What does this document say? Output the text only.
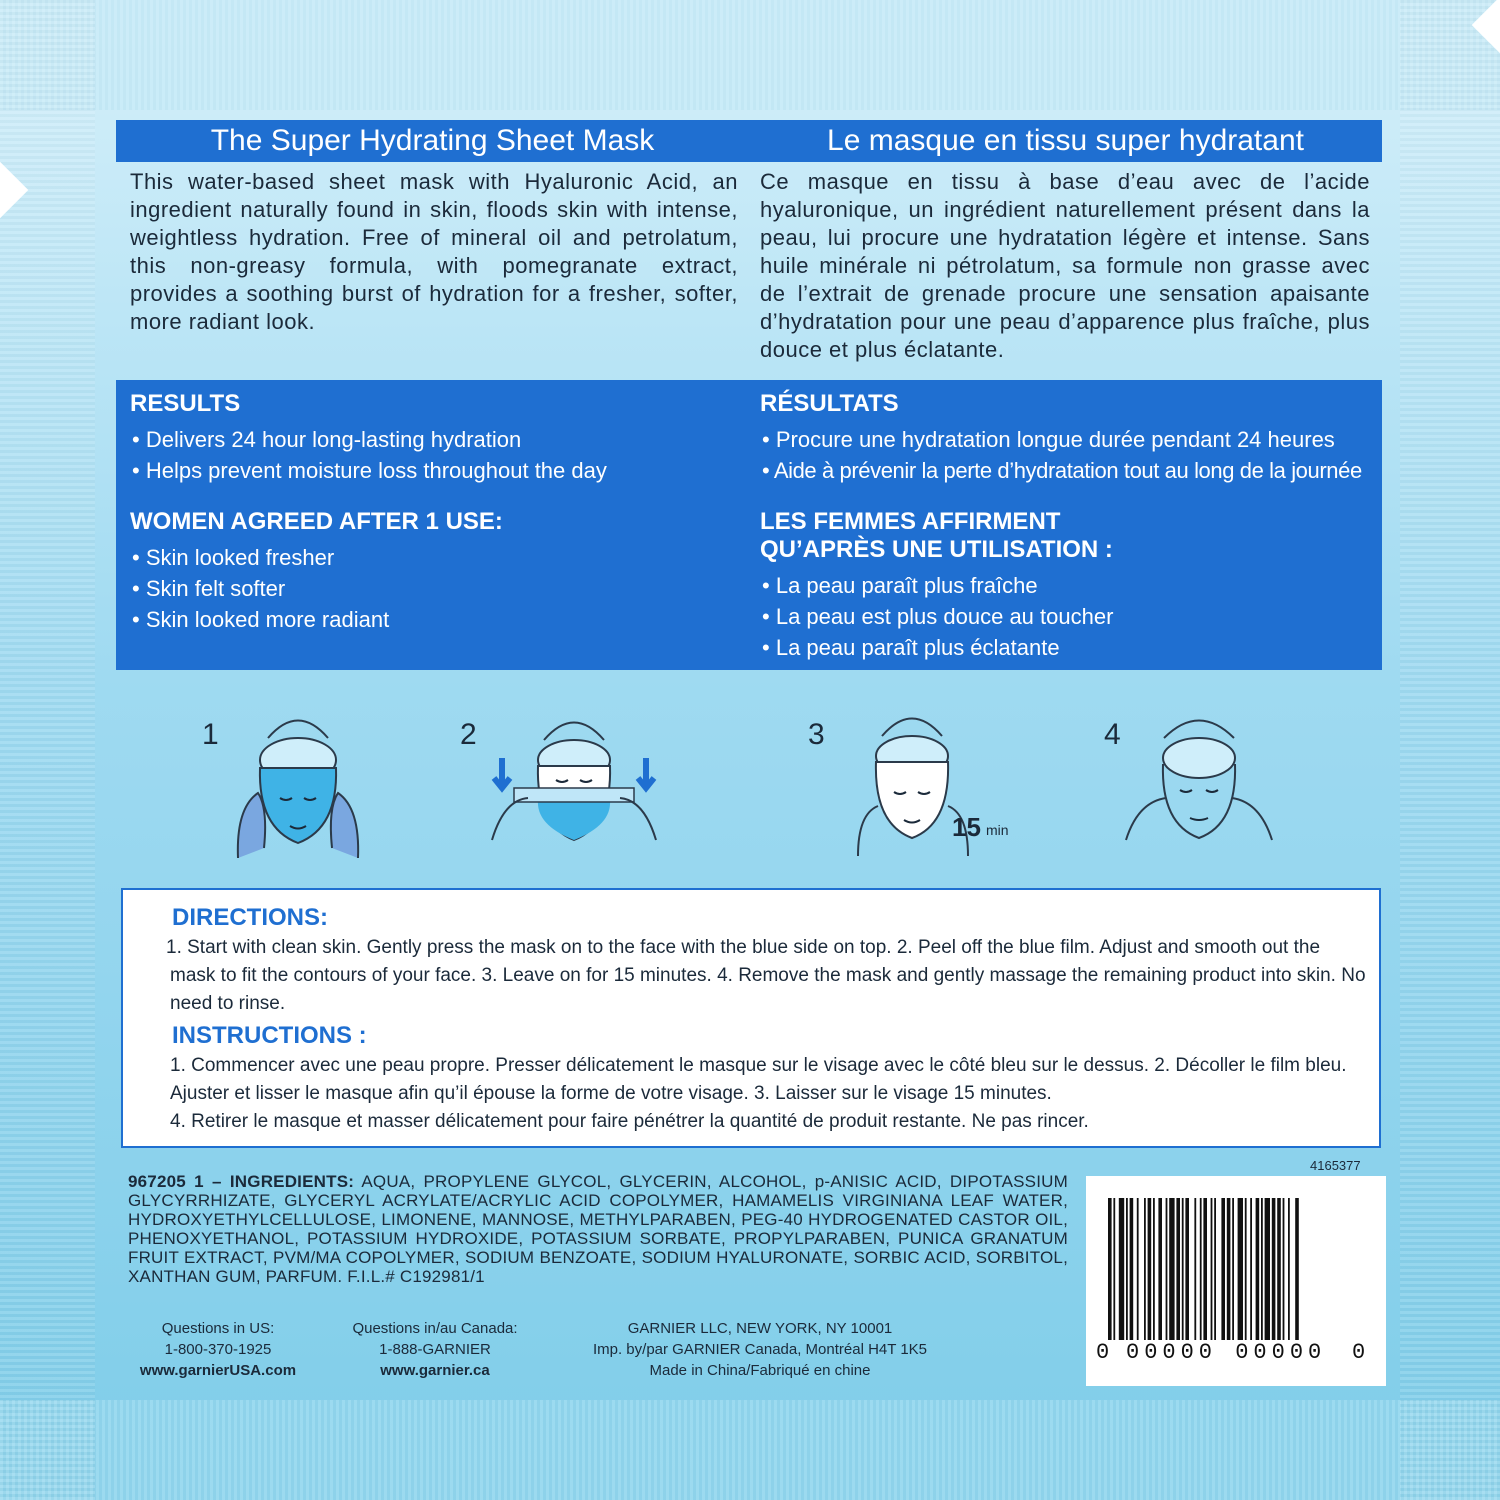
The Super Hydrating Sheet Mask	Le masque en tissu super hydratant
This water-based sheet mask with Hyaluronic Acid, an ingredient naturally found in skin, floods skin with intense, weightless hydration. Free of mineral oil and petrolatum, this non-greasy formula, with pomegranate extract, provides a soothing burst of hydration for a fresher, softer, more radiant look.
Ce masque en tissu à base d’eau avec de l’acide hyaluronique, un ingrédient naturellement présent dans la peau, lui procure une hydratation légère et intense. Sans huile minérale ni pétrolatum, sa formule non grasse avec de l’extrait de grenade procure une sensation apaisante d’hydratation pour une peau d’apparence plus fraîche, plus douce et plus éclatante.
RESULTS
• Delivers 24 hour long-lasting hydration
• Helps prevent moisture loss throughout the day
WOMEN AGREED AFTER 1 USE:
• Skin looked fresher
• Skin felt softer
• Skin looked more radiant
RÉSULTATS
• Procure une hydratation longue durée pendant 24 heures
• Aide à prévenir la perte d’hydratation tout au long de la journée
LES FEMMES AFFIRMENT
QU’APRÈS UNE UTILISATION :
• La peau paraît plus fraîche
• La peau est plus douce au toucher
• La peau paraît plus éclatante
1	2	3
15 min
4
DIRECTIONS:
1. Start with clean skin. Gently press the mask on to the face with the blue side on top. 2. Peel off the blue film. Adjust and smooth out the mask to fit the contours of your face. 3. Leave on for 15 minutes. 4. Remove the mask and gently massage the remaining product into skin. No need to rinse.
INSTRUCTIONS :
1. Commencer avec une peau propre. Presser délicatement le masque sur le visage avec le côté bleu sur le dessus. 2. Décoller le film bleu. Ajuster et lisser le masque afin qu’il épouse la forme de votre visage. 3. Laisser sur le visage 15 minutes.
4. Retirer le masque et masser délicatement pour faire pénétrer la quantité de produit restante. Ne pas rincer.
967205 1 – INGREDIENTS: AQUA, PROPYLENE GLYCOL, GLYCERIN, ALCOHOL, p-ANISIC ACID, DIPOTASSIUM GLYCYRRHIZATE, GLYCERYL ACRYLATE/ACRYLIC ACID COPOLYMER, HAMAMELIS VIRGINIANA LEAF WATER, HYDROXYETHYLCELLULOSE, LIMONENE, MANNOSE, METHYLPARABEN, PEG-40 HYDROGENATED CASTOR OIL, PHENOXYETHANOL, POTASSIUM HYDROXIDE, POTASSIUM SORBATE, PROPYLPARABEN, PUNICA GRANATUM FRUIT EXTRACT, PVM/MA COPOLYMER, SODIUM BENZOATE, SODIUM HYALURONATE, SORBIC ACID, SORBITOL, XANTHAN GUM, PARFUM. F.I.L.# C192981/1
4165377
0 00000 00000 0
Questions in US:
1-800-370-1925
www.garnierUSA.com
Questions in/au Canada:
1-888-GARNIER
www.garnier.ca
GARNIER LLC, NEW YORK, NY 10001
Imp. by/par GARNIER Canada, Montréal H4T 1K5
Made in China/Fabriqué en chine
